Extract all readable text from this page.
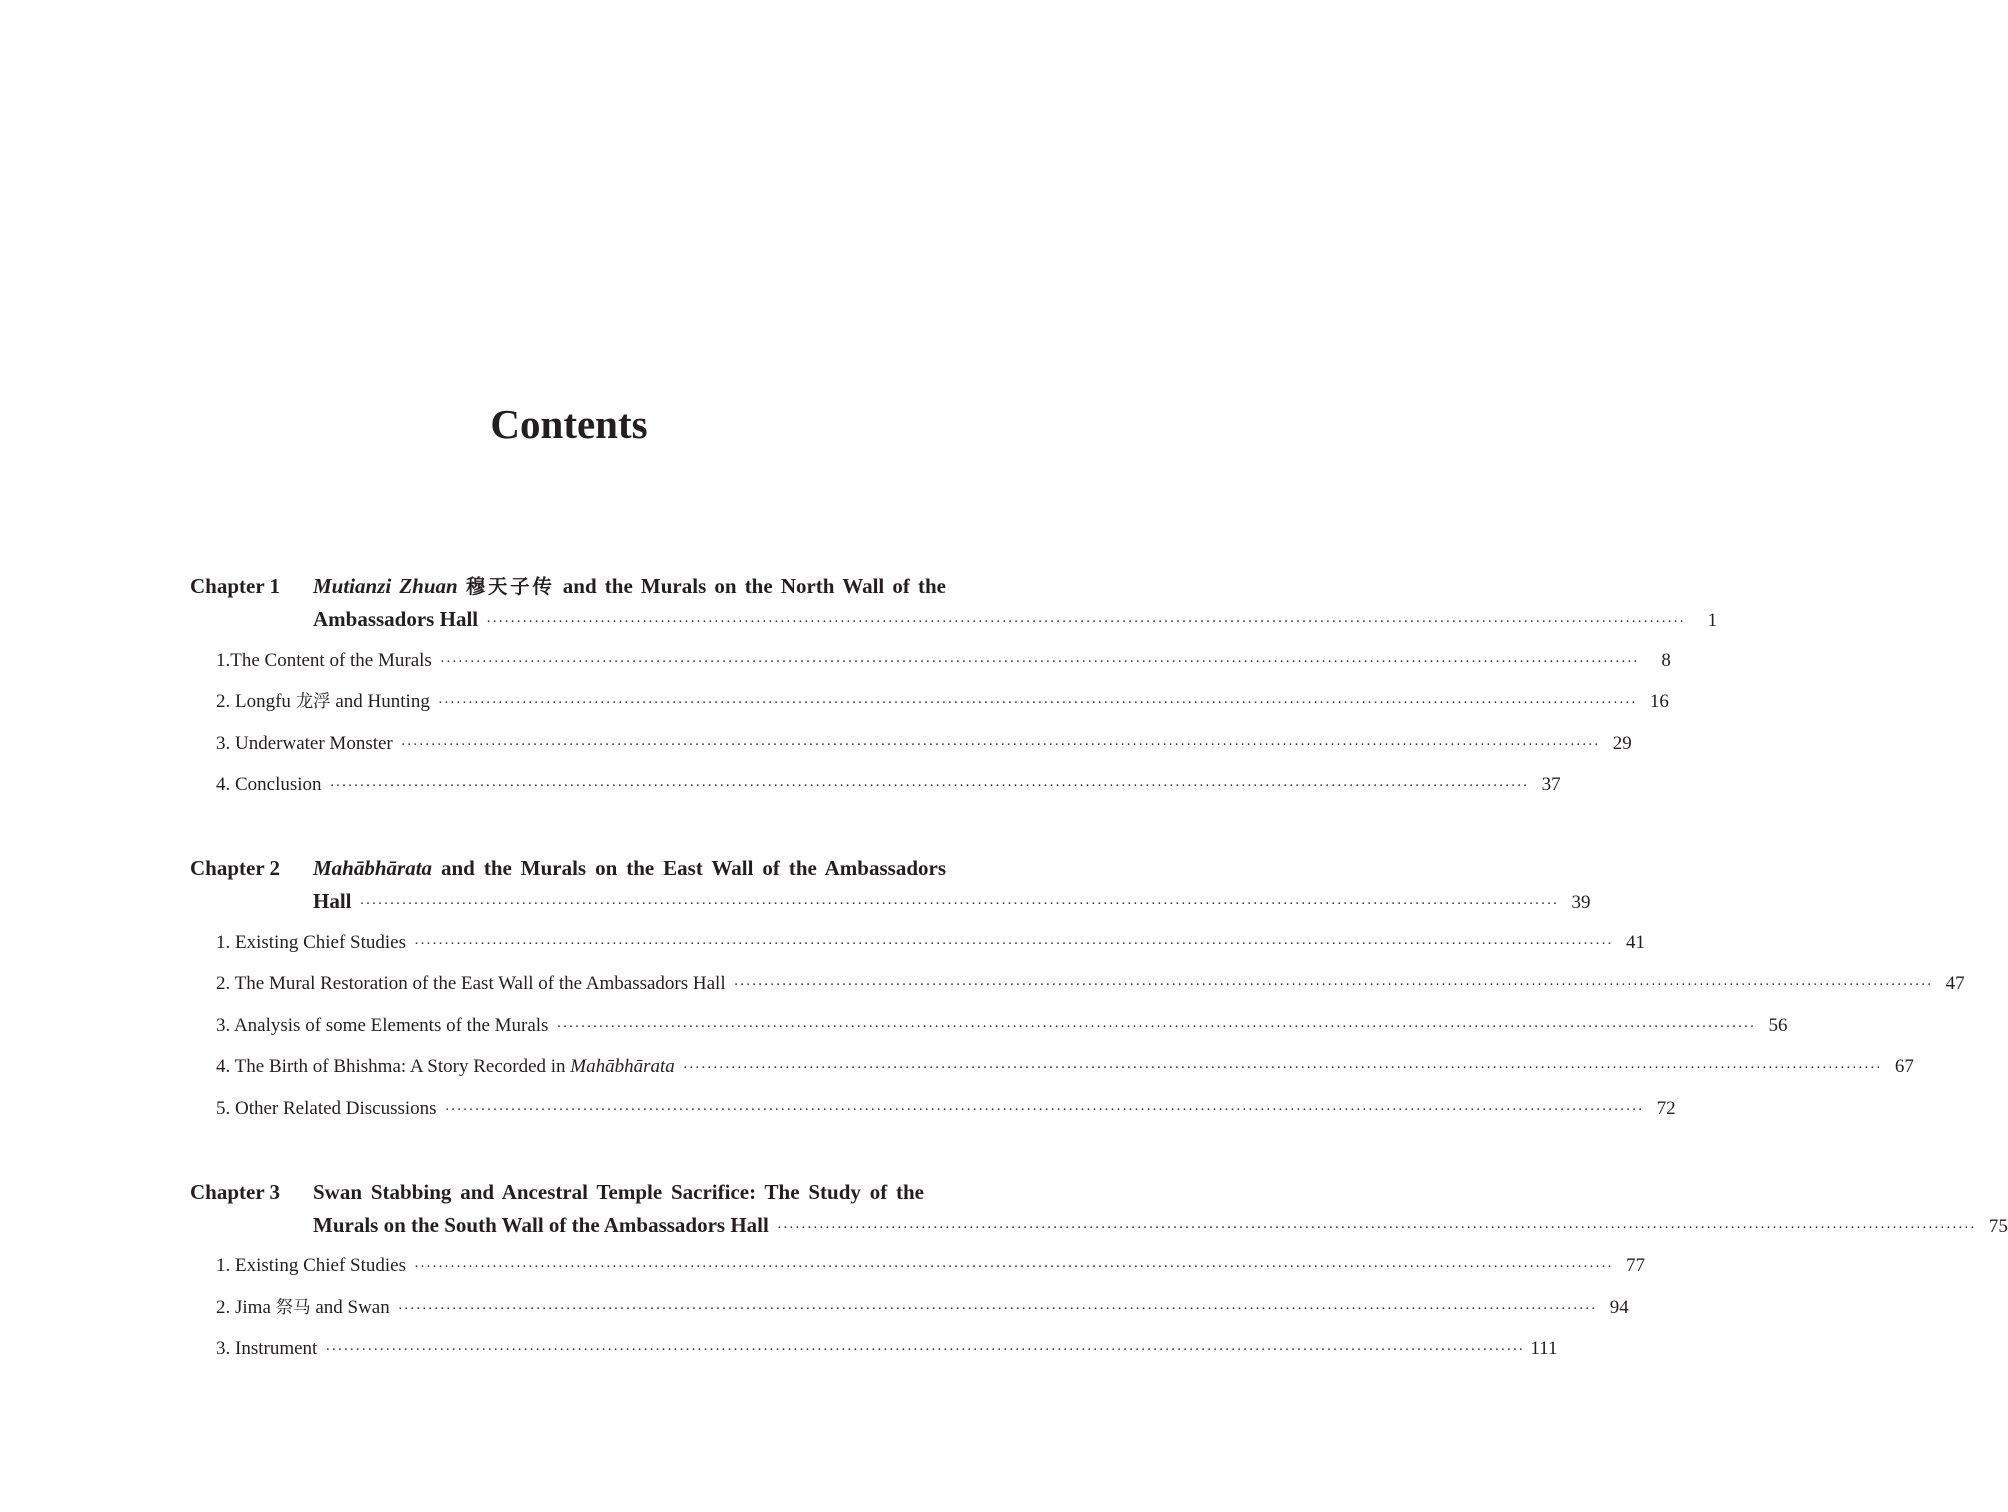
Contents
Chapter 1 Mutianzi Zhuan 穆天子传 and the Murals on the North Wall of the
Ambassadors Hall ········································································································································································································	1
1.The Content of the Murals ········································································································································································································	8
2. Longfu 龙浮 and Hunting ········································································································································································································ 16
3. Underwater Monster ········································································································································································································ 29
4. Conclusion ········································································································································································································ 37
Chapter 2 Mahābhārata and the Murals on the East Wall of the Ambassadors
Hall ········································································································································································································ 39
1. Existing Chief Studies ········································································································································································································ 41
2. The Mural Restoration of the East Wall of the Ambassadors Hall ········································································································································································································ 47
3. Analysis of some Elements of the Murals ········································································································································································································ 56
4. The Birth of Bhishma: A Story Recorded in Mahābhārata ········································································································································································································ 67
5. Other Related Discussions ········································································································································································································ 72
Chapter 3 Swan Stabbing and Ancestral Temple Sacrifice: The Study of the
Murals on the South Wall of the Ambassadors Hall ········································································································································································································ 75
1. Existing Chief Studies ········································································································································································································ 77
2. Jima 祭马 and Swan ········································································································································································································ 94
3. Instrument ········································································································································································································ 111
